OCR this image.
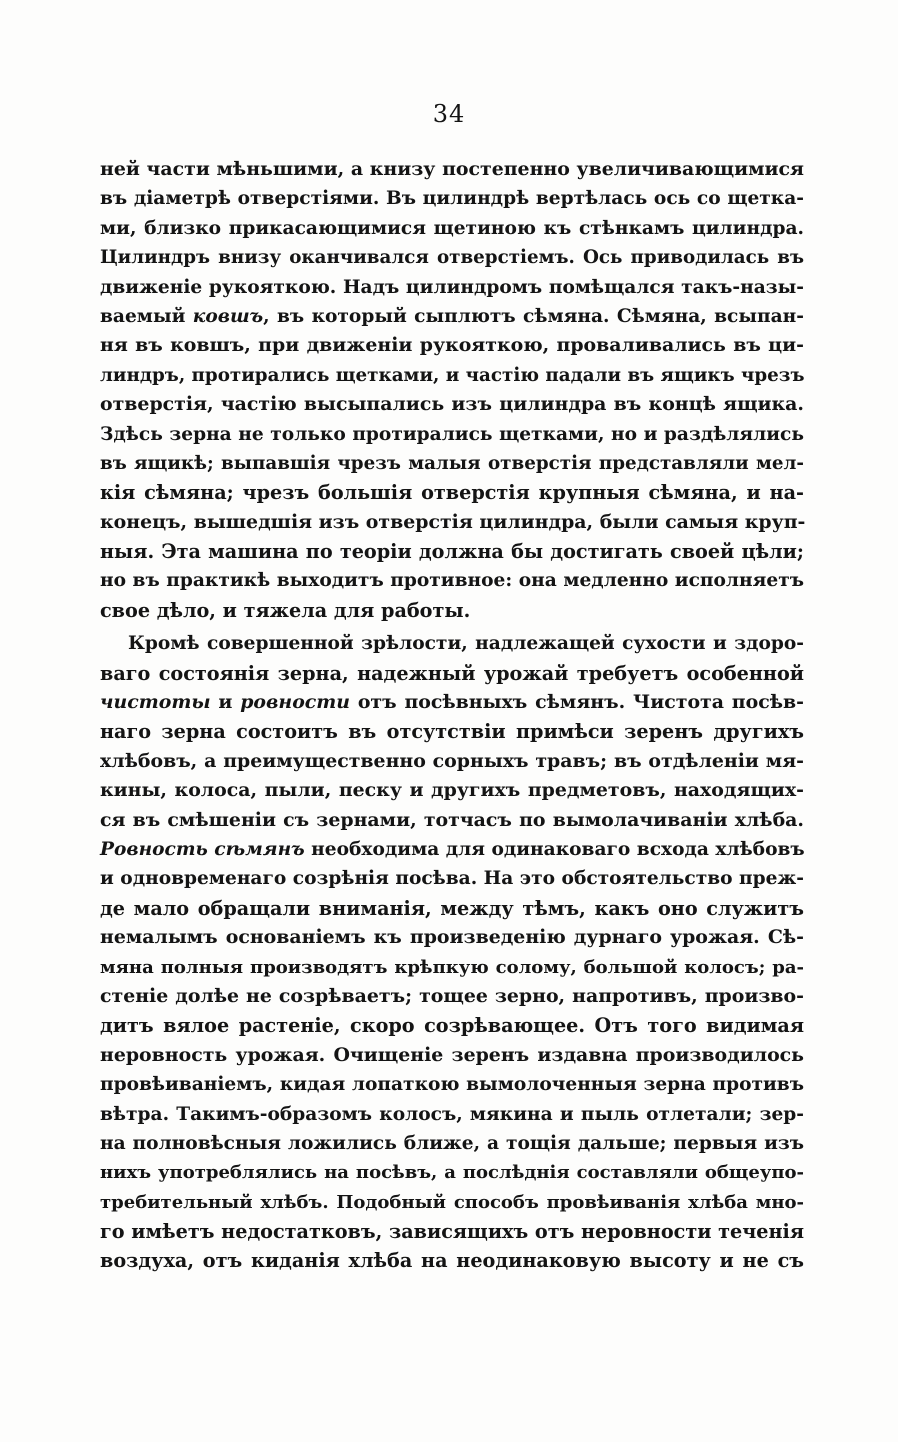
34
ней части мѣньшими, а книзу постепенно увеличивающимися
въ діаметрѣ отверстіями. Въ цилиндрѣ вертѣлась ось со щетка-
ми, близко прикасающимися щетиною къ стѣнкамъ цилиндра.
Цилиндръ внизу оканчивался отверстіемъ. Ось приводилась въ
движеніе рукояткою. Надъ цилиндромъ помѣщался такъ-назы-
ваемый ковшъ, въ который сыплютъ сѣмяна. Сѣмяна, всыпан-
ня въ ковшъ, при движеніи рукояткою, проваливались въ ци-
линдръ, протирались щетками, и частію падали въ ящикъ чрезъ
отверстія, частію высыпались изъ цилиндра въ концѣ ящика.
Здѣсь зерна не только протирались щетками, но и раздѣлялись
въ ящикѣ; выпавшія чрезъ малыя отверстія представляли мел-
кія сѣмяна; чрезъ большія отверстія крупныя сѣмяна, и на-
конецъ, вышедшія изъ отверстія цилиндра, были самыя круп-
ныя. Эта машина по теоріи должна бы достигать своей цѣли;
но въ практикѣ выходитъ противное: она медленно исполняетъ
свое дѣло, и тяжела для работы.
Кромѣ совершенной зрѣлости, надлежащей сухости и здоро-
ваго состоянія зерна, надежный урожай требуетъ особенной
чистоты и ровности отъ посѣвныхъ сѣмянъ. Чистота посѣв-
наго зерна состоитъ въ отсутствіи примѣси зеренъ другихъ
хлѣбовъ, а преимущественно сорныхъ травъ; въ отдѣленіи мя-
кины, колоса, пыли, песку и другихъ предметовъ, находящих-
ся въ смѣшеніи съ зернами, тотчасъ по вымолачиваніи хлѣба.
Ровность сѣмянъ необходима для одинаковаго всхода хлѣбовъ
и одновременаго созрѣнія посѣва. На это обстоятельство преж-
де мало обращали вниманія, между тѣмъ, какъ оно служитъ
немалымъ основаніемъ къ произведенію дурнаго урожая. Сѣ-
мяна полныя производятъ крѣпкую солому, большой колосъ; ра-
стеніе долѣе не созрѣваетъ; тощее зерно, напротивъ, произво-
дитъ вялое растеніе, скоро созрѣвающее. Отъ того видимая
неровность урожая. Очищеніе зеренъ издавна производилось
провѣиваніемъ, кидая лопаткою вымолоченныя зерна противъ
вѣтра. Такимъ-образомъ колосъ, мякина и пыль отлетали; зер-
на полновѣсныя ложились ближе, а тощія дальше; первыя изъ
нихъ употреблялись на посѣвъ, а послѣднія составляли общеупо-
требительный хлѣбъ. Подобный способъ провѣиванія хлѣба мно-
го имѣетъ недостатковъ, зависящихъ отъ неровности теченія
воздуха, отъ киданія хлѣба на неодинаковую высоту и не съ
